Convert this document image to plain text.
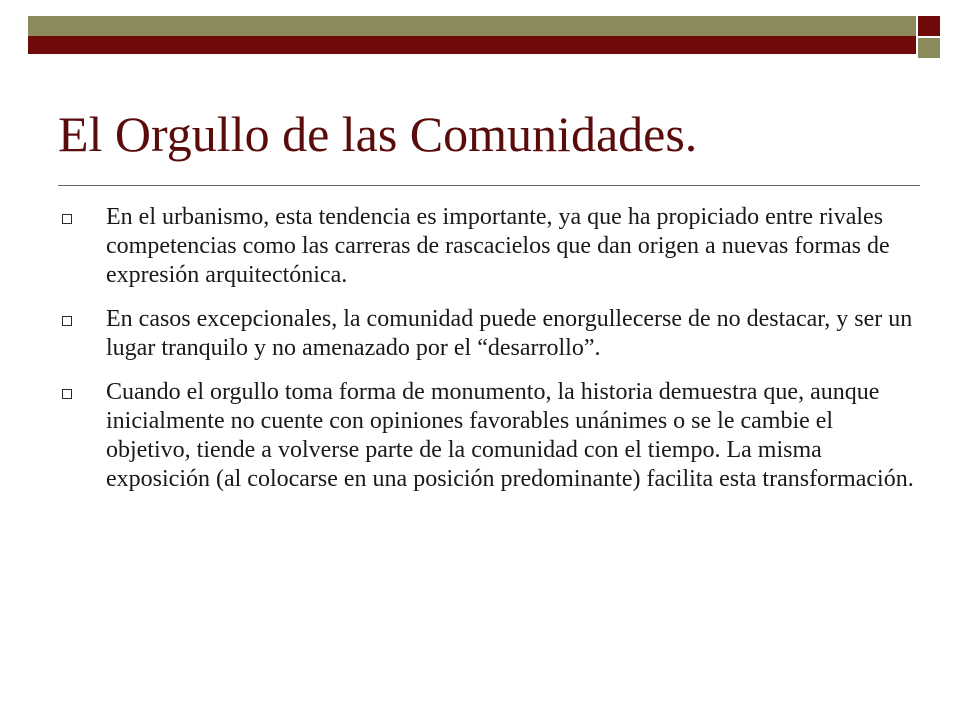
El Orgullo de las Comunidades.
En el urbanismo, esta tendencia es importante, ya que ha propiciado entre rivales competencias como las carreras de rascacielos que dan origen a nuevas formas de expresión arquitectónica.
En casos excepcionales, la comunidad puede enorgullecerse de no destacar, y ser un lugar tranquilo y no amenazado por el “desarrollo”.
Cuando el orgullo toma forma de monumento, la historia demuestra que, aunque inicialmente no cuente con opiniones favorables unánimes o se le cambie el objetivo, tiende a volverse parte de la comunidad con el tiempo. La misma exposición (al colocarse en una posición predominante) facilita esta transformación.
